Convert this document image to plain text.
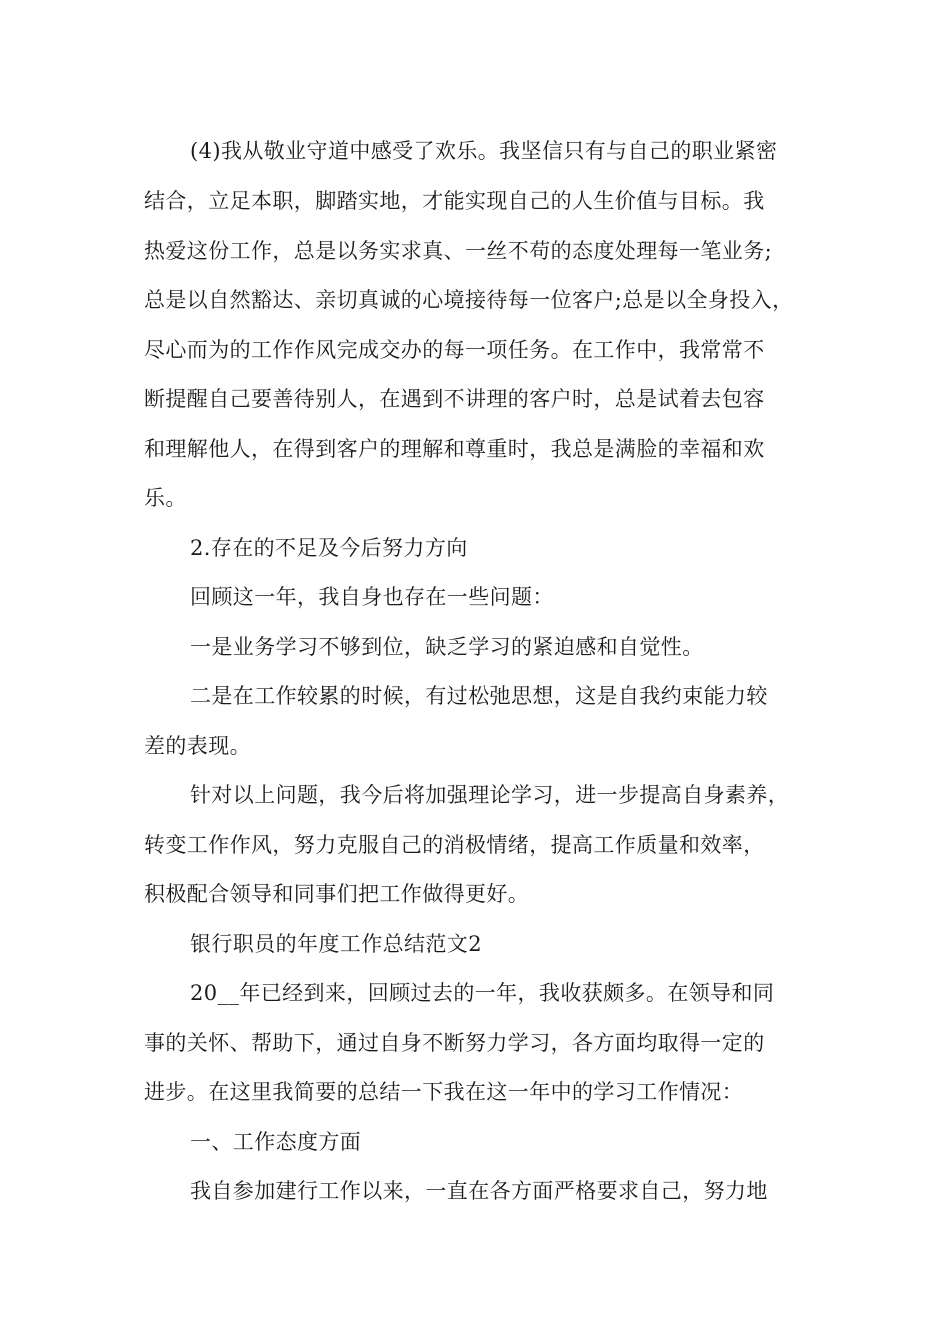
(4)我从敬业守道中感受了欢乐。我坚信只有与自己的职业紧密
结合，立足本职，脚踏实地，才能实现自己的人生价值与目标。我
热爱这份工作，总是以务实求真、一丝不苟的态度处理每一笔业务;
总是以自然豁达、亲切真诚的心境接待每一位客户;总是以全身投入，
尽心而为的工作作风完成交办的每一项任务。在工作中，我常常不
断提醒自己要善待别人，在遇到不讲理的客户时，总是试着去包容
和理解他人，在得到客户的理解和尊重时，我总是满脸的幸福和欢
乐。
2.存在的不足及今后努力方向
回顾这一年，我自身也存在一些问题：
一是业务学习不够到位，缺乏学习的紧迫感和自觉性。
二是在工作较累的时候，有过松弛思想，这是自我约束能力较
差的表现。
针对以上问题，我今后将加强理论学习，进一步提高自身素养，
转变工作作风，努力克服自己的消极情绪，提高工作质量和效率，
积极配合领导和同事们把工作做得更好。
银行职员的年度工作总结范文2
20__年已经到来，回顾过去的一年，我收获颇多。在领导和同
事的关怀、帮助下，通过自身不断努力学习，各方面均取得一定的
进步。在这里我简要的总结一下我在这一年中的学习工作情况：
一、工作态度方面
我自参加建行工作以来，一直在各方面严格要求自己，努力地
